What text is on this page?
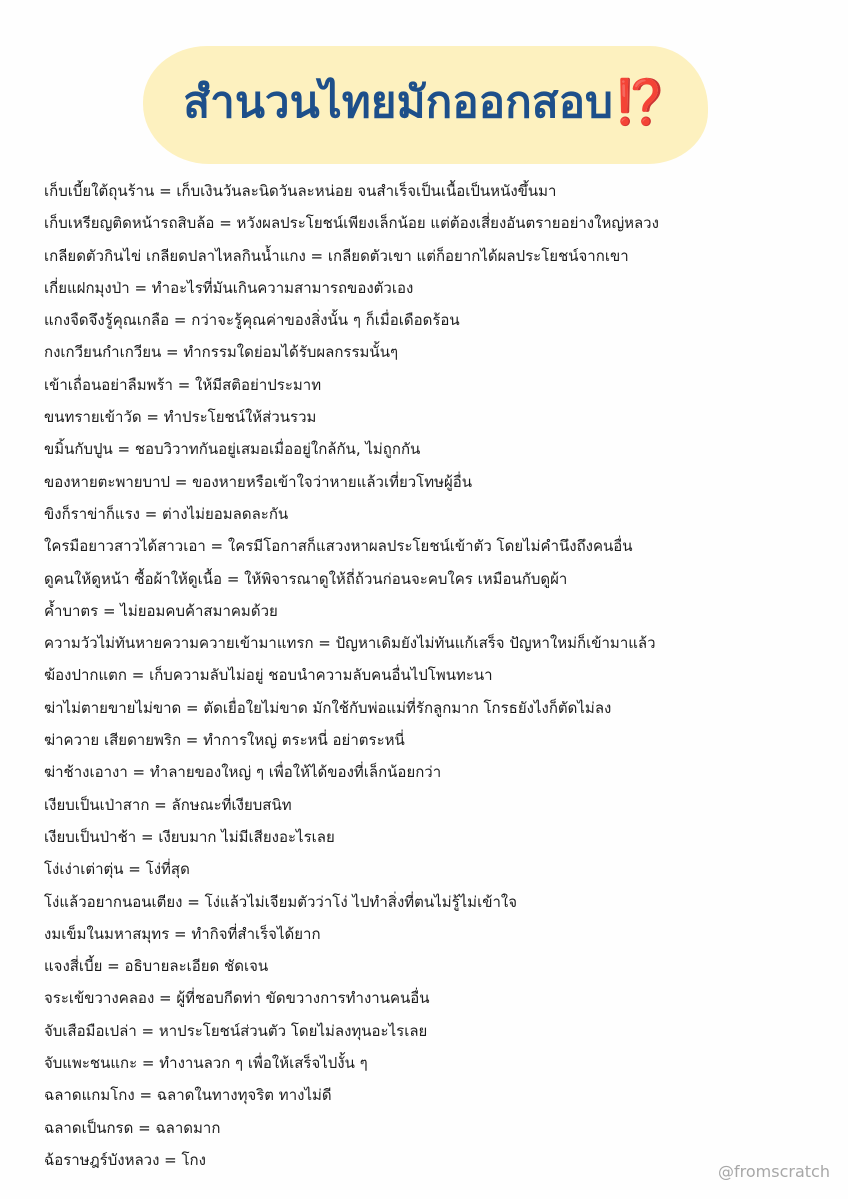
สำนวนไทยมักออกสอบ⁉️
เก็บเบี้ยใต้ถุนร้าน = เก็บเงินวันละนิดวันละหน่อย จนสำเร็จเป็นเนื้อเป็นหนังขึ้นมา
เก็บเหรียญติดหน้ารถสิบล้อ = หวังผลประโยชน์เพียงเล็กน้อย แต่ต้องเสี่ยงอันตรายอย่างใหญ่หลวง
เกลียดตัวกินไข่ เกลียดปลาไหลกินน้ำแกง = เกลียดตัวเขา แต่ก็อยากได้ผลประโยชน์จากเขา
เกี่ยแฝกมุงป่า = ทำอะไรที่มันเกินความสามารถของตัวเอง
แกงจืดจึงรู้คุณเกลือ = กว่าจะรู้คุณค่าของสิ่งนั้น ๆ ก็เมื่อเดือดร้อน
กงเกวียนกำเกวียน = ทำกรรมใดย่อมได้รับผลกรรมนั้นๆ
เข้าเถื่อนอย่าลืมพร้า = ให้มีสติอย่าประมาท
ขนทรายเข้าวัด = ทำประโยชน์ให้ส่วนรวม
ขมิ้นกับปูน = ชอบวิวาทกันอยู่เสมอเมื่ออยู่ใกล้กัน, ไม่ถูกกัน
ของหายตะพายบาป = ของหายหรือเข้าใจว่าหายแล้วเที่ยวโทษผู้อื่น
ขิงก็ราข่าก็แรง = ต่างไม่ยอมลดละกัน
ใครมือยาวสาวได้สาวเอา = ใครมีโอกาสก็แสวงหาผลประโยชน์เข้าตัว โดยไม่คำนึงถึงคนอื่น
ดูคนให้ดูหน้า ซื้อผ้าให้ดูเนื้อ = ให้พิจารณาดูให้ถี่ถ้วนก่อนจะคบใคร เหมือนกับดูผ้า
ค้ำบาตร = ไม่ยอมคบค้าสมาคมด้วย
ความวัวไม่ทันหายความควายเข้ามาแทรก = ปัญหาเดิมยังไม่ทันแก้เสร็จ ปัญหาใหม่ก็เข้ามาแล้ว
ฆ้องปากแตก = เก็บความลับไม่อยู่ ชอบนำความลับคนอื่นไปโพนทะนา
ฆ่าไม่ตายขายไม่ขาด = ตัดเยื่อใยไม่ขาด มักใช้กับพ่อแม่ที่รักลูกมาก โกรธยังไงก็ตัดไม่ลง
ฆ่าควาย เสียดายพริก = ทำการใหญ่ ตระหนี่ อย่าตระหนี่
ฆ่าช้างเอางา = ทำลายของใหญ่ ๆ เพื่อให้ได้ของที่เล็กน้อยกว่า
เงียบเป็นเป่าสาก = ลักษณะที่เงียบสนิท
เงียบเป็นป่าช้า = เงียบมาก ไม่มีเสียงอะไรเลย
โง่เง่าเต่าตุ่น = โง่ที่สุด
โง่แล้วอยากนอนเตียง = โง่แล้วไม่เจียมตัวว่าโง่ ไปทำสิ่งที่ตนไม่รู้ไม่เข้าใจ
งมเข็มในมหาสมุทร = ทำกิจที่สำเร็จได้ยาก
แจงสี่เบี้ย = อธิบายละเอียด ชัดเจน
จระเข้ขวางคลอง = ผู้ที่ชอบกีดท่า ขัดขวางการทำงานคนอื่น
จับเสือมือเปล่า = หาประโยชน์ส่วนตัว โดยไม่ลงทุนอะไรเลย
จับแพะชนแกะ = ทำงานลวก ๆ เพื่อให้เสร็จไปงั้น ๆ
ฉลาดแกมโกง = ฉลาดในทางทุจริต ทางไม่ดี
ฉลาดเป็นกรด = ฉลาดมาก
ฉ้อราษฎร์บังหลวง = โกง
@fromscratch
